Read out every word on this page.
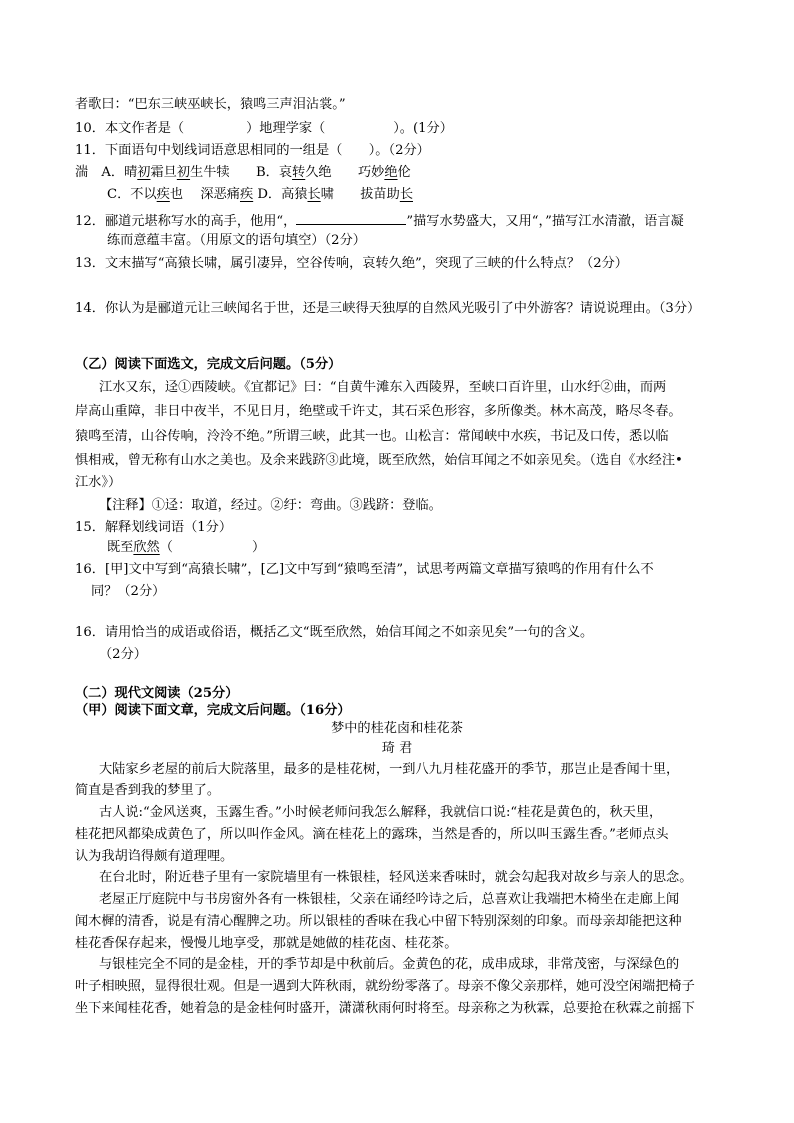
者歌曰：“巴东三峡巫峡长，猿鸣三声泪沾裳。”
10．本文作者是（	）地理学家（	）。(1分）
11．下面语句中划线词语意思相同的一组是（　　）。（2分）
湍　A．晴初霜旦初生牛犊　　B．哀转久绝　　巧妙绝伦
C．不以疾也　 深恶痛疾 D．高猿长啸　　拔苗助长
12．郦道元堪称写水的高手，他用“，	”描写水势盛大，又用“，”描写江水清澈，语言凝
练而意蕴丰富。（用原文的语句填空）（2分）
13．文末描写“高猿长啸，属引凄异，空谷传响，哀转久绝”，突现了三峡的什么特点？（2分）
14．你认为是郦道元让三峡闻名于世，还是三峡得天独厚的自然风光吸引了中外游客？请说说理由。（3分）
（乙）阅读下面选文，完成文后问题。（5分）
江水又东，迳①西陵峡。《宜都记》曰：“自黄牛滩东入西陵界，至峡口百许里，山水纡②曲，而两
岸高山重障，非日中夜半，不见日月，绝壁或千许丈，其石采色形容，多所像类。林木高茂，略尽冬春。
猿鸣至清，山谷传响，泠泠不绝。”所谓三峡，此其一也。山松言：常闻峡中水疾，书记及口传，悉以临
惧相戒，曾无称有山水之美也。及余来践跻③此境，既至欣然，始信耳闻之不如亲见矣。（选自《水经注•
江水》）
【注释】①迳：取道，经过。②纡：弯曲。③践跻：登临。
15．解释划线词语（1分）
既至欣然（　　　　　　）
16．[甲]文中写到“高猿长啸”，[乙]文中写到“猿鸣至清”，试思考两篇文章描写猿鸣的作用有什么不
同？（2分）
16．请用恰当的成语或俗语，概括乙文“既至欣然，始信耳闻之不如亲见矣”一句的含义。
（2分）
（二）现代文阅读（25分）
（甲）阅读下面文章，完成文后问题。（16分）
梦中的桂花卤和桂花茶
琦 君
大陆家乡老屋的前后大院落里，最多的是桂花树，一到八九月桂花盛开的季节，那岂止是香闻十里，
简直是香到我的梦里了。
古人说:“金风送爽，玉露生香。”小时候老师问我怎么解释，我就信口说:“桂花是黄色的，秋天里，
桂花把风都染成黄色了，所以叫作金风。滴在桂花上的露珠，当然是香的，所以叫玉露生香。”老师点头
认为我胡诌得颇有道理哩。
在台北时，附近巷子里有一家院墙里有一株银桂，轻风送来香味时，就会勾起我对故乡与亲人的思念。
老屋正厅庭院中与书房窗外各有一株银桂，父亲在诵经吟诗之后，总喜欢让我端把木椅坐在走廊上闻
闻木樨的清香，说是有清心醒脾之功。所以银桂的香味在我心中留下特别深刻的印象。而母亲却能把这种
桂花香保存起来，慢慢儿地享受，那就是她做的桂花卤、桂花茶。
与银桂完全不同的是金桂，开的季节却是中秋前后。金黄色的花，成串成球，非常茂密，与深绿色的
叶子相映照，显得很壮观。但是一遇到大阵秋雨，就纷纷零落了。母亲不像父亲那样，她可没空闲端把椅子
坐下来闻桂花香，她着急的是金桂何时盛开，潇潇秋雨何时将至。母亲称之为秋霖，总要抢在秋霖之前摇下
